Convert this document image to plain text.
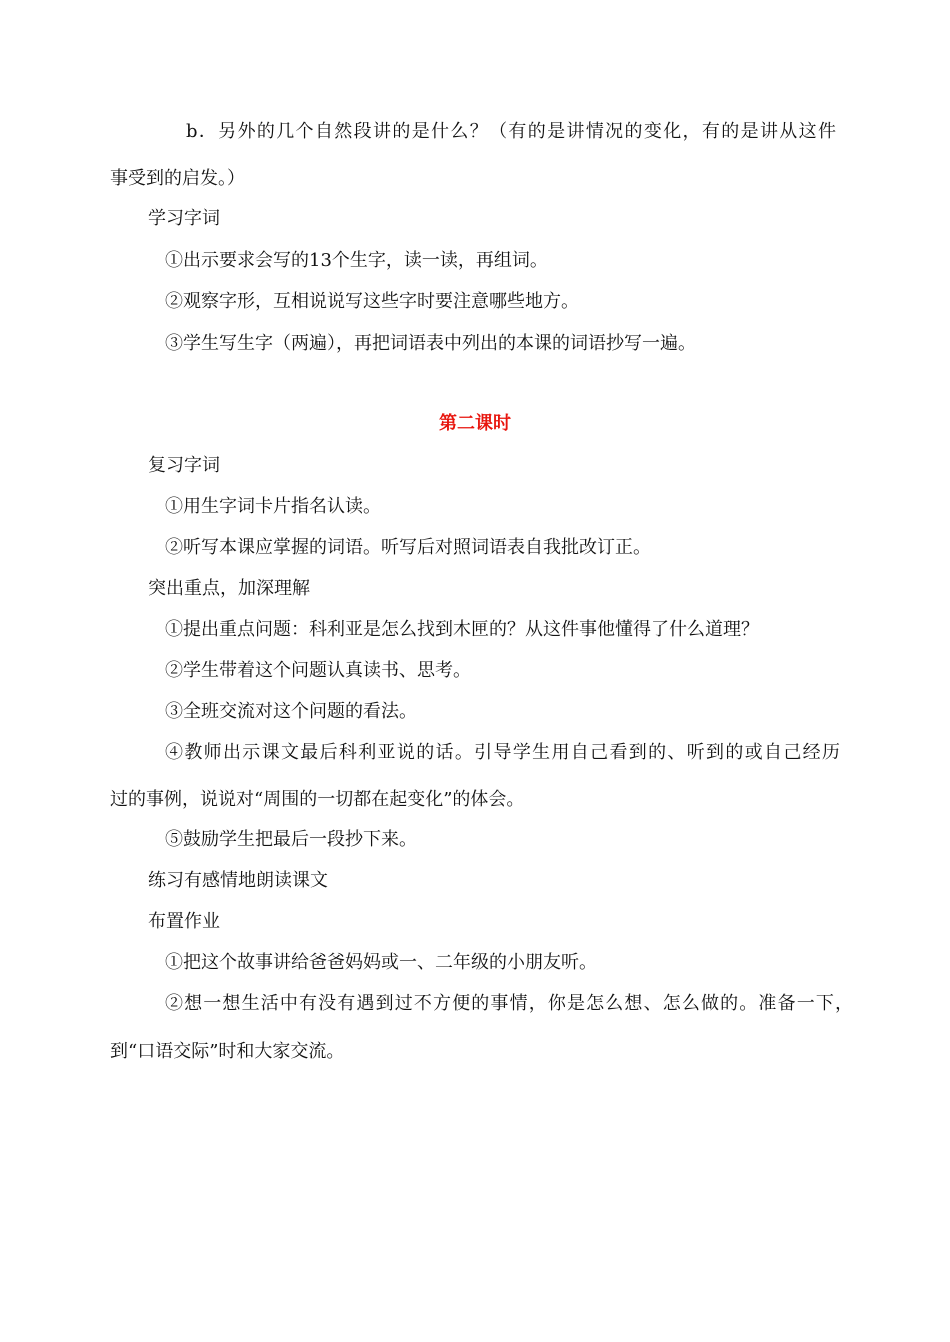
b．另外的几个自然段讲的是什么？（有的是讲情况的变化，有的是讲从这件
事受到的启发。）
学习字词
①出示要求会写的13个生字，读一读，再组词。
②观察字形，互相说说写这些字时要注意哪些地方。
③学生写生字（两遍），再把词语表中列出的本课的词语抄写一遍。
第二课时
复习字词
①用生字词卡片指名认读。
②听写本课应掌握的词语。听写后对照词语表自我批改订正。
突出重点，加深理解
①提出重点问题：科利亚是怎么找到木匣的？从这件事他懂得了什么道理？
②学生带着这个问题认真读书、思考。
③全班交流对这个问题的看法。
④教师出示课文最后科利亚说的话。引导学生用自己看到的、听到的或自己经历
过的事例，说说对“周围的一切都在起变化”的体会。
⑤鼓励学生把最后一段抄下来。
练习有感情地朗读课文
布置作业
①把这个故事讲给爸爸妈妈或一、二年级的小朋友听。
②想一想生活中有没有遇到过不方便的事情，你是怎么想、怎么做的。准备一下，
到“口语交际”时和大家交流。
